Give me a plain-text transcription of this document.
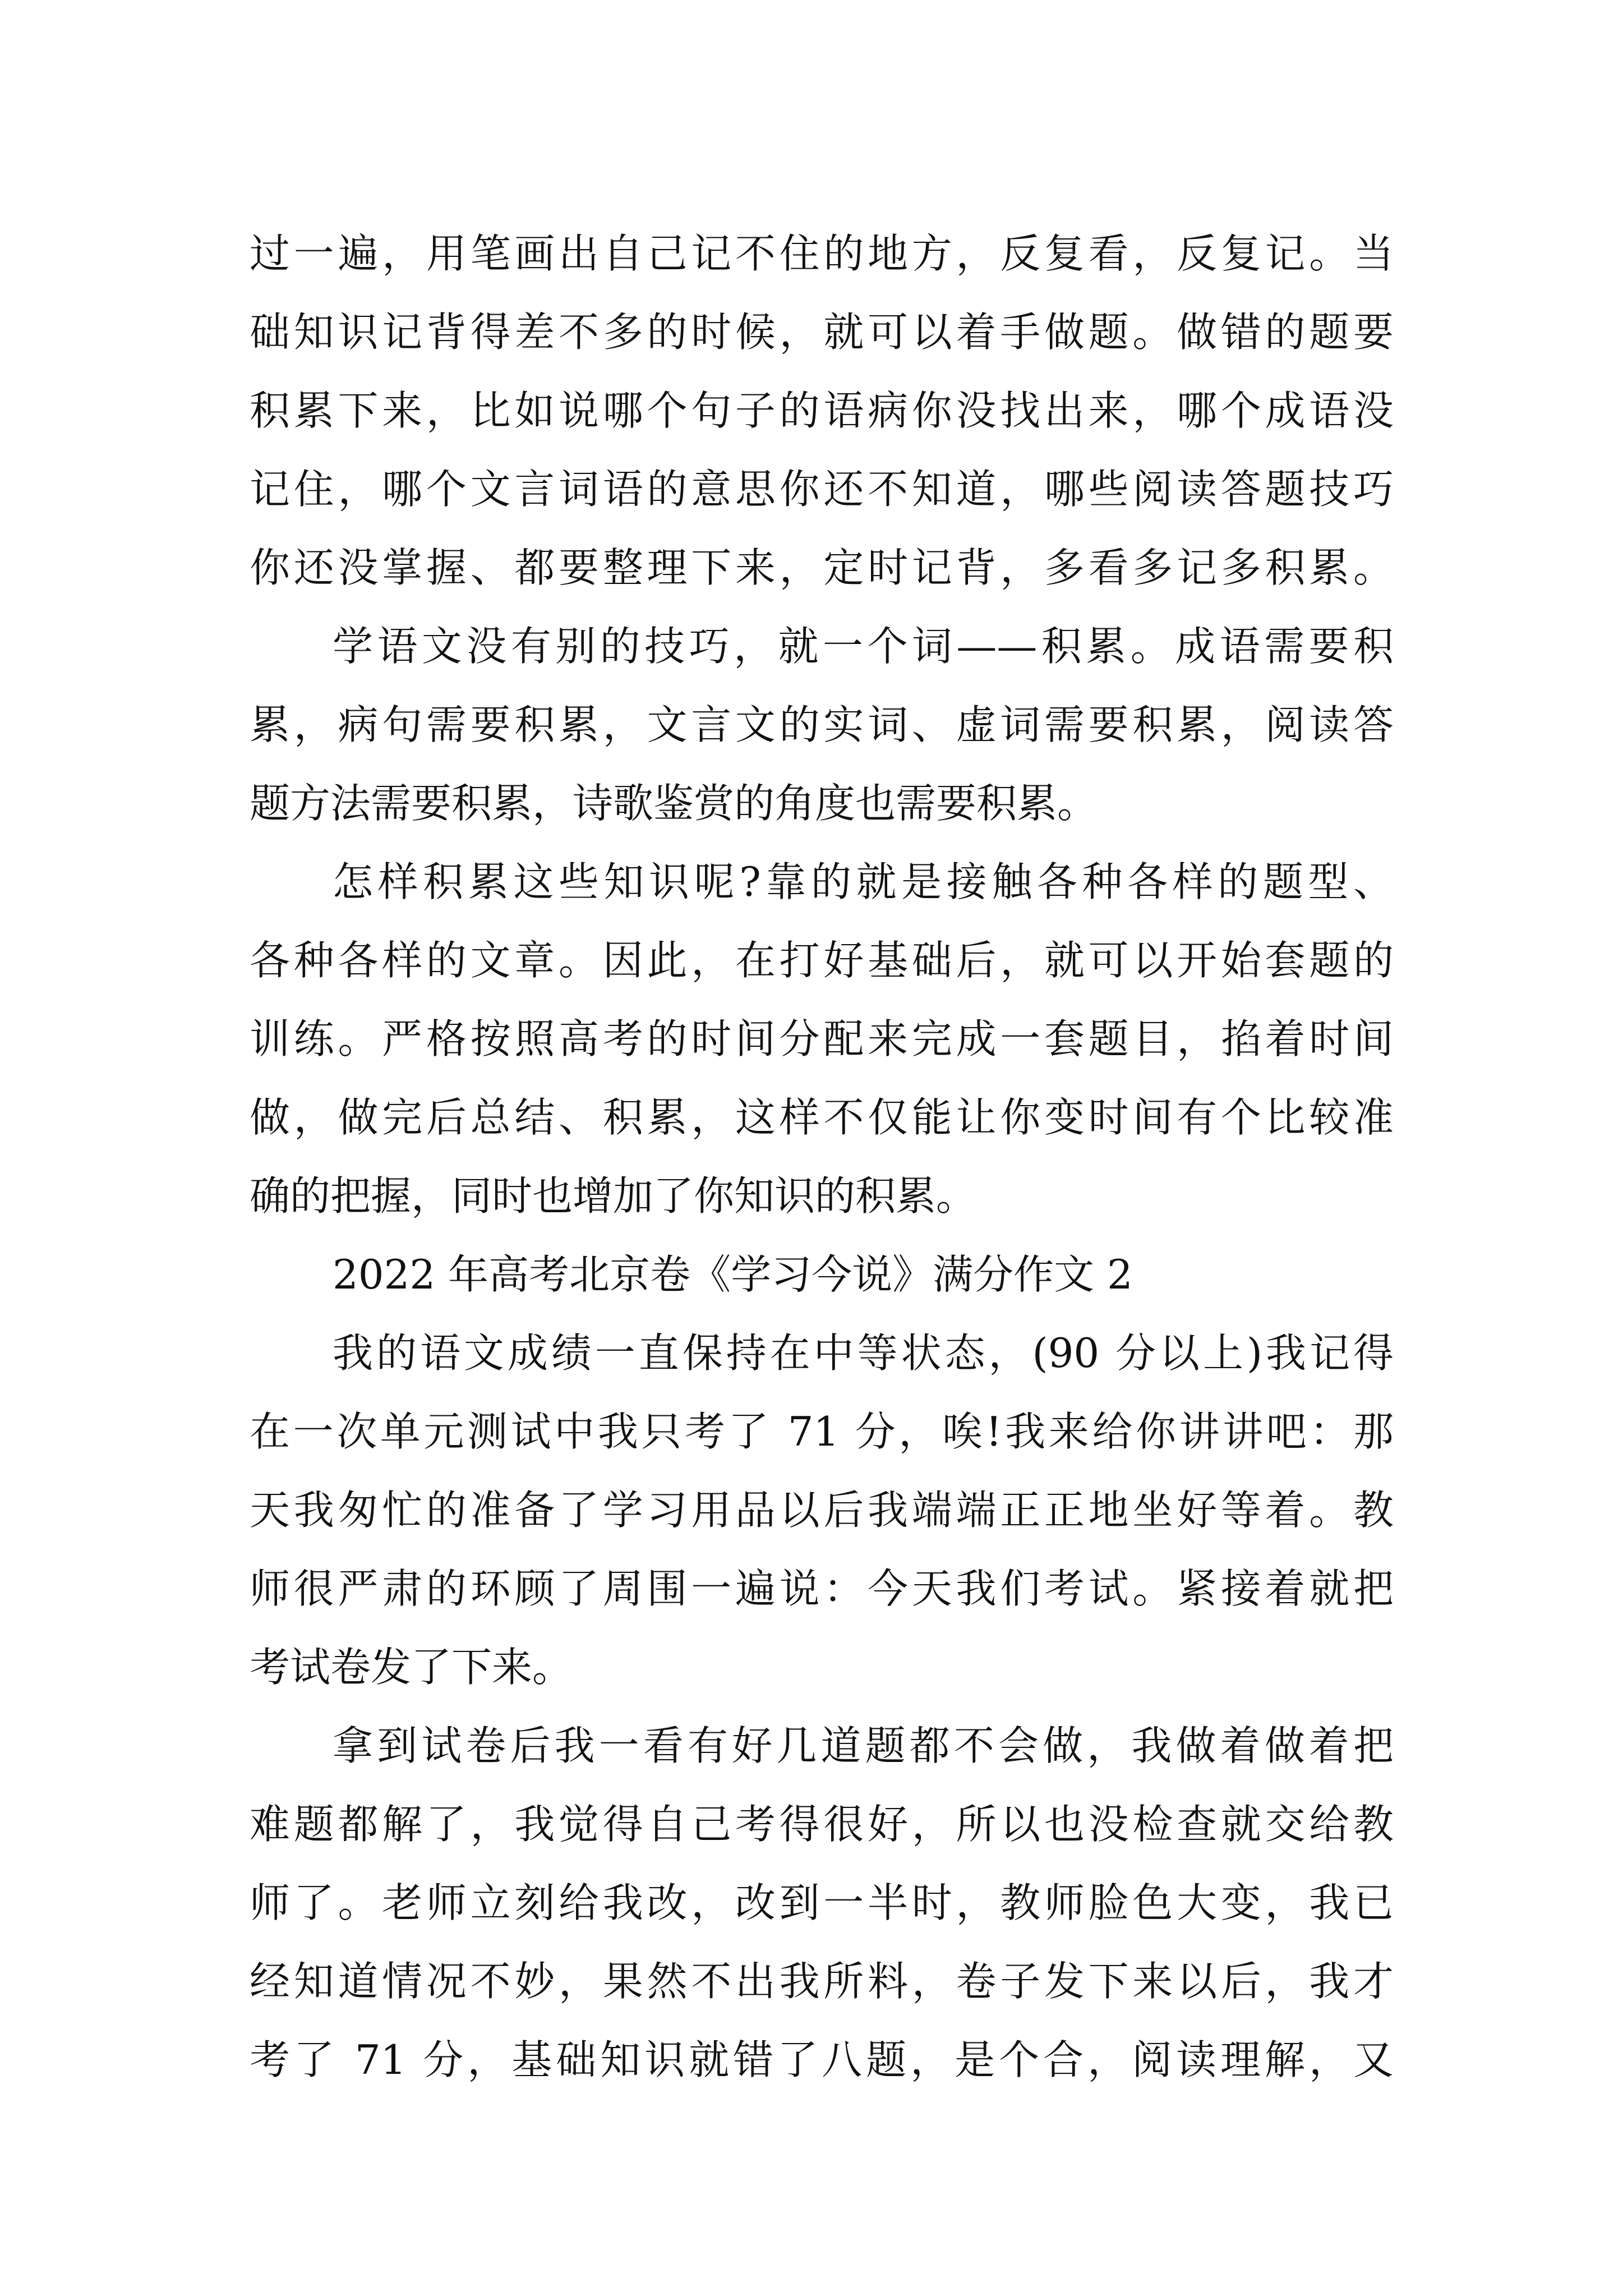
过一遍，用笔画出自己记不住的地方，反复看，反复记。当
础知识记背得差不多的时候，就可以着手做题。做错的题要
积累下来，比如说哪个句子的语病你没找出来，哪个成语没
记住，哪个文言词语的意思你还不知道，哪些阅读答题技巧
你还没掌握、都要整理下来，定时记背，多看多记多积累。
学语文没有别的技巧，就一个词——积累。成语需要积
累，病句需要积累，文言文的实词、虚词需要积累，阅读答
题方法需要积累，诗歌鉴赏的角度也需要积累。
怎样积累这些知识呢?靠的就是接触各种各样的题型、
各种各样的文章。因此，在打好基础后，就可以开始套题的
训练。严格按照高考的时间分配来完成一套题目，掐着时间
做，做完后总结、积累，这样不仅能让你变时间有个比较准
确的把握，同时也增加了你知识的积累。
2022 年高考北京卷《学习今说》满分作文 2
我的语文成绩一直保持在中等状态，(90 分以上)我记得
在一次单元测试中我只考了 71 分，唉!我来给你讲讲吧：那
天我匆忙的准备了学习用品以后我端端正正地坐好等着。教
师很严肃的环顾了周围一遍说：今天我们考试。紧接着就把
考试卷发了下来。
拿到试卷后我一看有好几道题都不会做，我做着做着把
难题都解了，我觉得自己考得很好，所以也没检查就交给教
师了。老师立刻给我改，改到一半时，教师脸色大变，我已
经知道情况不妙，果然不出我所料，卷子发下来以后，我才
考了 71 分，基础知识就错了八题，是个合，阅读理解，又
